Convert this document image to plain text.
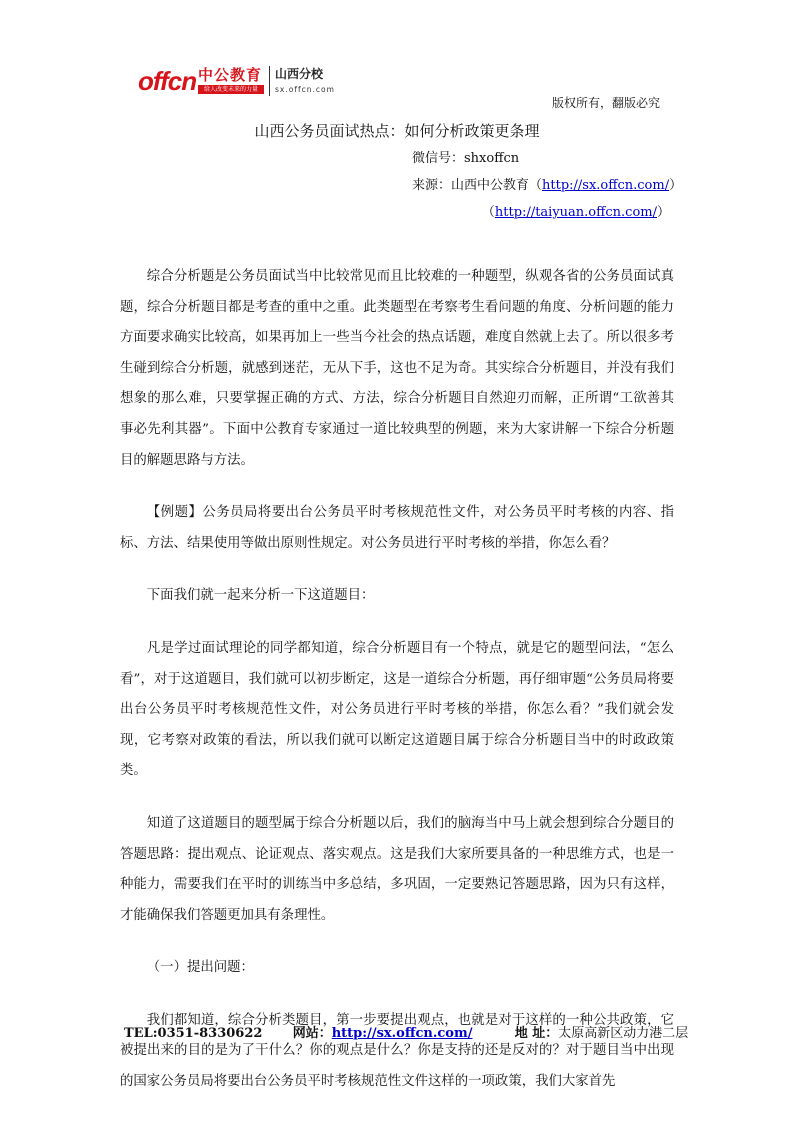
offcn 中公教育
给人改变未来的力量
山西分校
sx.offcn.com
版权所有，翻版必究
山西公务员面试热点：如何分析政策更条理
微信号：shxoffcn
来源：山西中公教育（http://sx.offcn.com/）
（http://taiyuan.offcn.com/）

综合分析题是公务员面试当中比较常见而且比较难的一种题型，纵观各省的公务员面试真题，综合分析题目都是考查的重中之重。此类题型在考察考生看问题的角度、分析问题的能力方面要求确实比较高，如果再加上一些当今社会的热点话题，难度自然就上去了。所以很多考生碰到综合分析题，就感到迷茫，无从下手，这也不足为奇。其实综合分析题目，并没有我们想象的那么难，只要掌握正确的方式、方法，综合分析题目自然迎刃而解，正所谓“工欲善其事必先利其器”。下面中公教育专家通过一道比较典型的例题，来为大家讲解一下综合分析题目的解题思路与方法。

【例题】公务员局将要出台公务员平时考核规范性文件，对公务员平时考核的内容、指标、方法、结果使用等做出原则性规定。对公务员进行平时考核的举措，你怎么看？

下面我们就一起来分析一下这道题目：

凡是学过面试理论的同学都知道，综合分析题目有一个特点，就是它的题型问法，“怎么看”，对于这道题目，我们就可以初步断定，这是一道综合分析题，再仔细审题“公务员局将要出台公务员平时考核规范性文件，对公务员进行平时考核的举措，你怎么看？”我们就会发现，它考察对政策的看法，所以我们就可以断定这道题目属于综合分析题目当中的时政政策类。

知道了这道题目的题型属于综合分析题以后，我们的脑海当中马上就会想到综合分题目的答题思路：提出观点、论证观点、落实观点。这是我们大家所要具备的一种思维方式，也是一种能力，需要我们在平时的训练当中多总结，多巩固，一定要熟记答题思路，因为只有这样，才能确保我们答题更加具有条理性。

（一）提出问题：

我们都知道，综合分析类题目，第一步要提出观点，也就是对于这样的一种公共政策，它被提出来的目的是为了干什么？你的观点是什么？你是支持的还是反对的？对于题目当中出现的国家公务员局将要出台公务员平时考核规范性文件这样的一项政策，我们大家首先

TEL:0351-8330622 网站：http://sx.offcn.com/	地 址：太原高新区动力港二层
